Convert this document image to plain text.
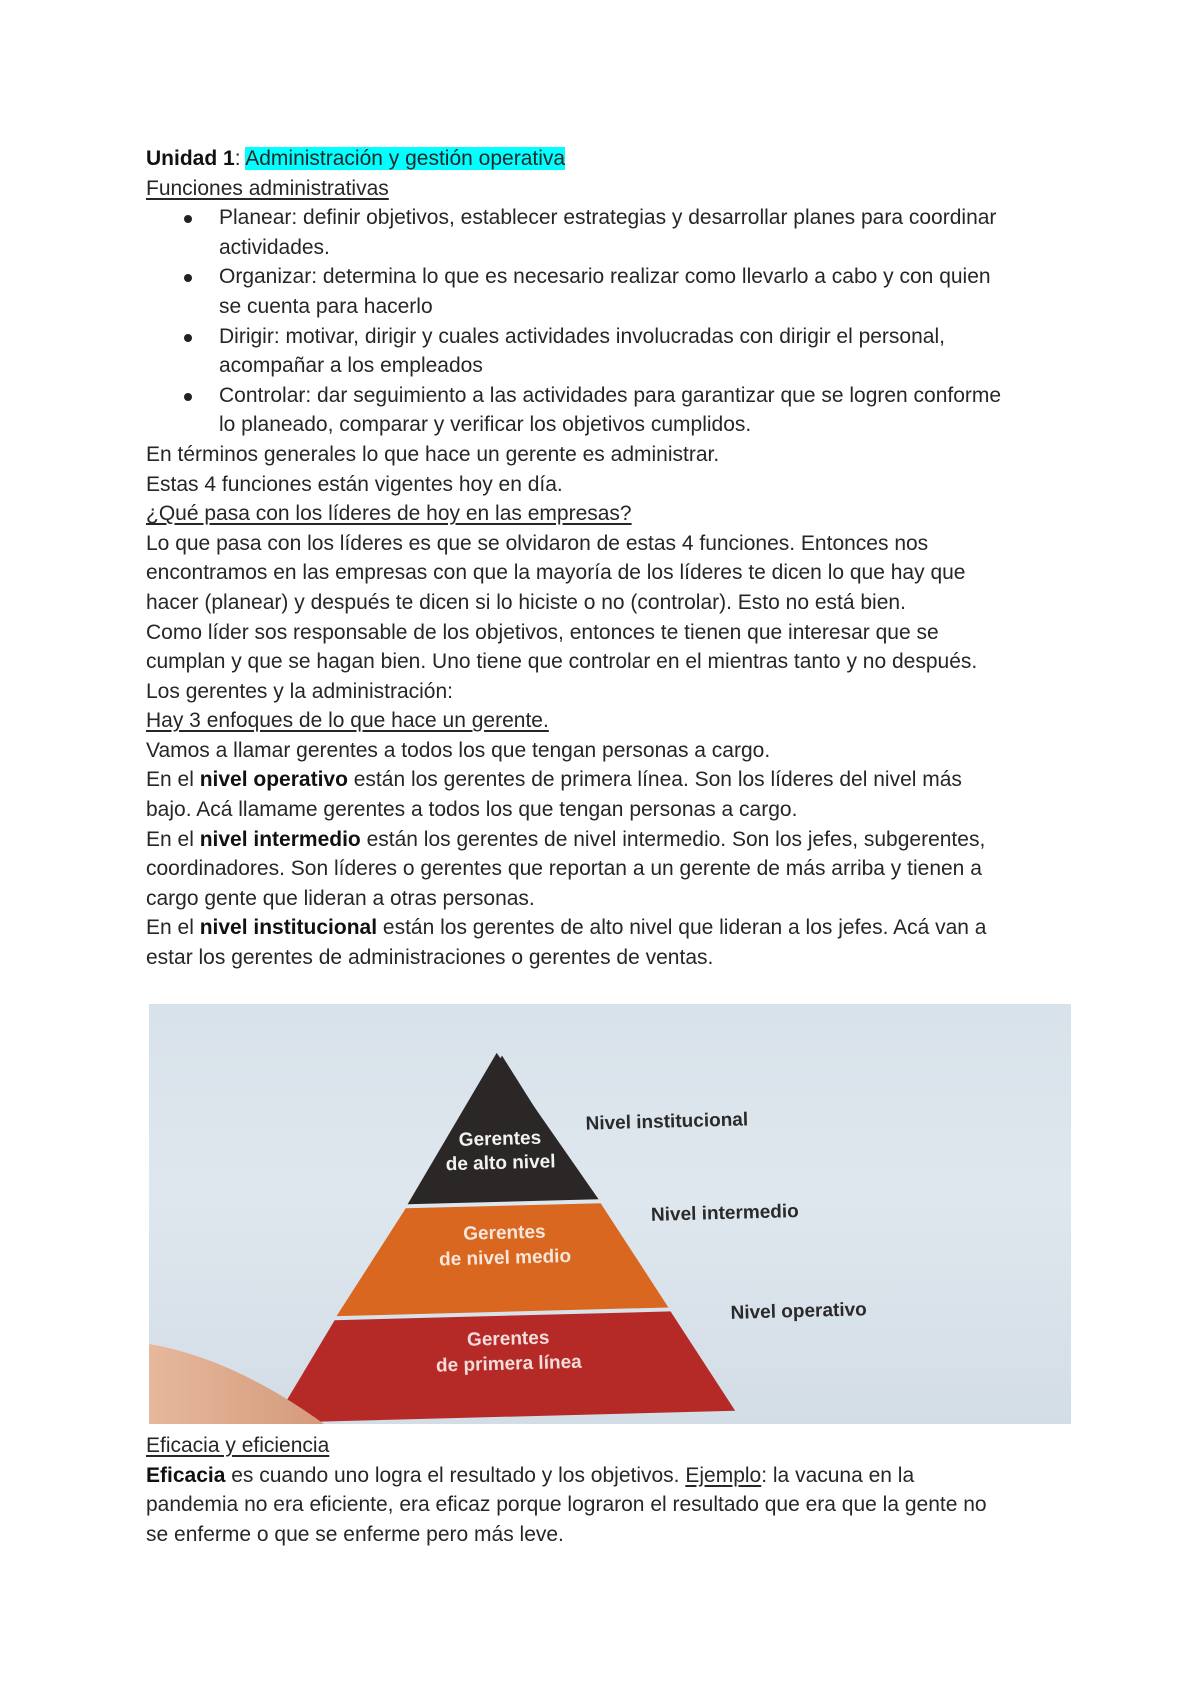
Unidad 1: Administración y gestión operativa
Funciones administrativas
Planear: definir objetivos, establecer estrategias y desarrollar planes para coordinar
actividades.
Organizar: determina lo que es necesario realizar como llevarlo a cabo y con quien
se cuenta para hacerlo
Dirigir: motivar, dirigir y cuales actividades involucradas con dirigir el personal,
acompañar a los empleados
Controlar: dar seguimiento a las actividades para garantizar que se logren conforme
lo planeado, comparar y verificar los objetivos cumplidos.
En términos generales lo que hace un gerente es administrar.
Estas 4 funciones están vigentes hoy en día.
¿Qué pasa con los líderes de hoy en las empresas?
Lo que pasa con los líderes es que se olvidaron de estas 4 funciones. Entonces nos
encontramos en las empresas con que la mayoría de los líderes te dicen lo que hay que
hacer (planear) y después te dicen si lo hiciste o no (controlar). Esto no está bien.
Como líder sos responsable de los objetivos, entonces te tienen que interesar que se
cumplan y que se hagan bien. Uno tiene que controlar en el mientras tanto y no después.
Los gerentes y la administración:
Hay 3 enfoques de lo que hace un gerente.
Vamos a llamar gerentes a todos los que tengan personas a cargo.
En el nivel operativo están los gerentes de primera línea. Son los líderes del nivel más
bajo. Acá llamame gerentes a todos los que tengan personas a cargo.
En el nivel intermedio están los gerentes de nivel intermedio. Son los jefes, subgerentes,
coordinadores. Son líderes o gerentes que reportan a un gerente de más arriba y tienen a
cargo gente que lideran a otras personas.
En el nivel institucional están los gerentes de alto nivel que lideran a los jefes. Acá van a
estar los gerentes de administraciones o gerentes de ventas.
Gerentes
de alto nivel
Gerentes
de nivel medio
Gerentes
de primera línea
Nivel institucional
Nivel intermedio
Nivel operativo
Eficacia y eficiencia
Eficacia es cuando uno logra el resultado y los objetivos. Ejemplo: la vacuna en la
pandemia no era eficiente, era eficaz porque lograron el resultado que era que la gente no
se enferme o que se enferme pero más leve.
